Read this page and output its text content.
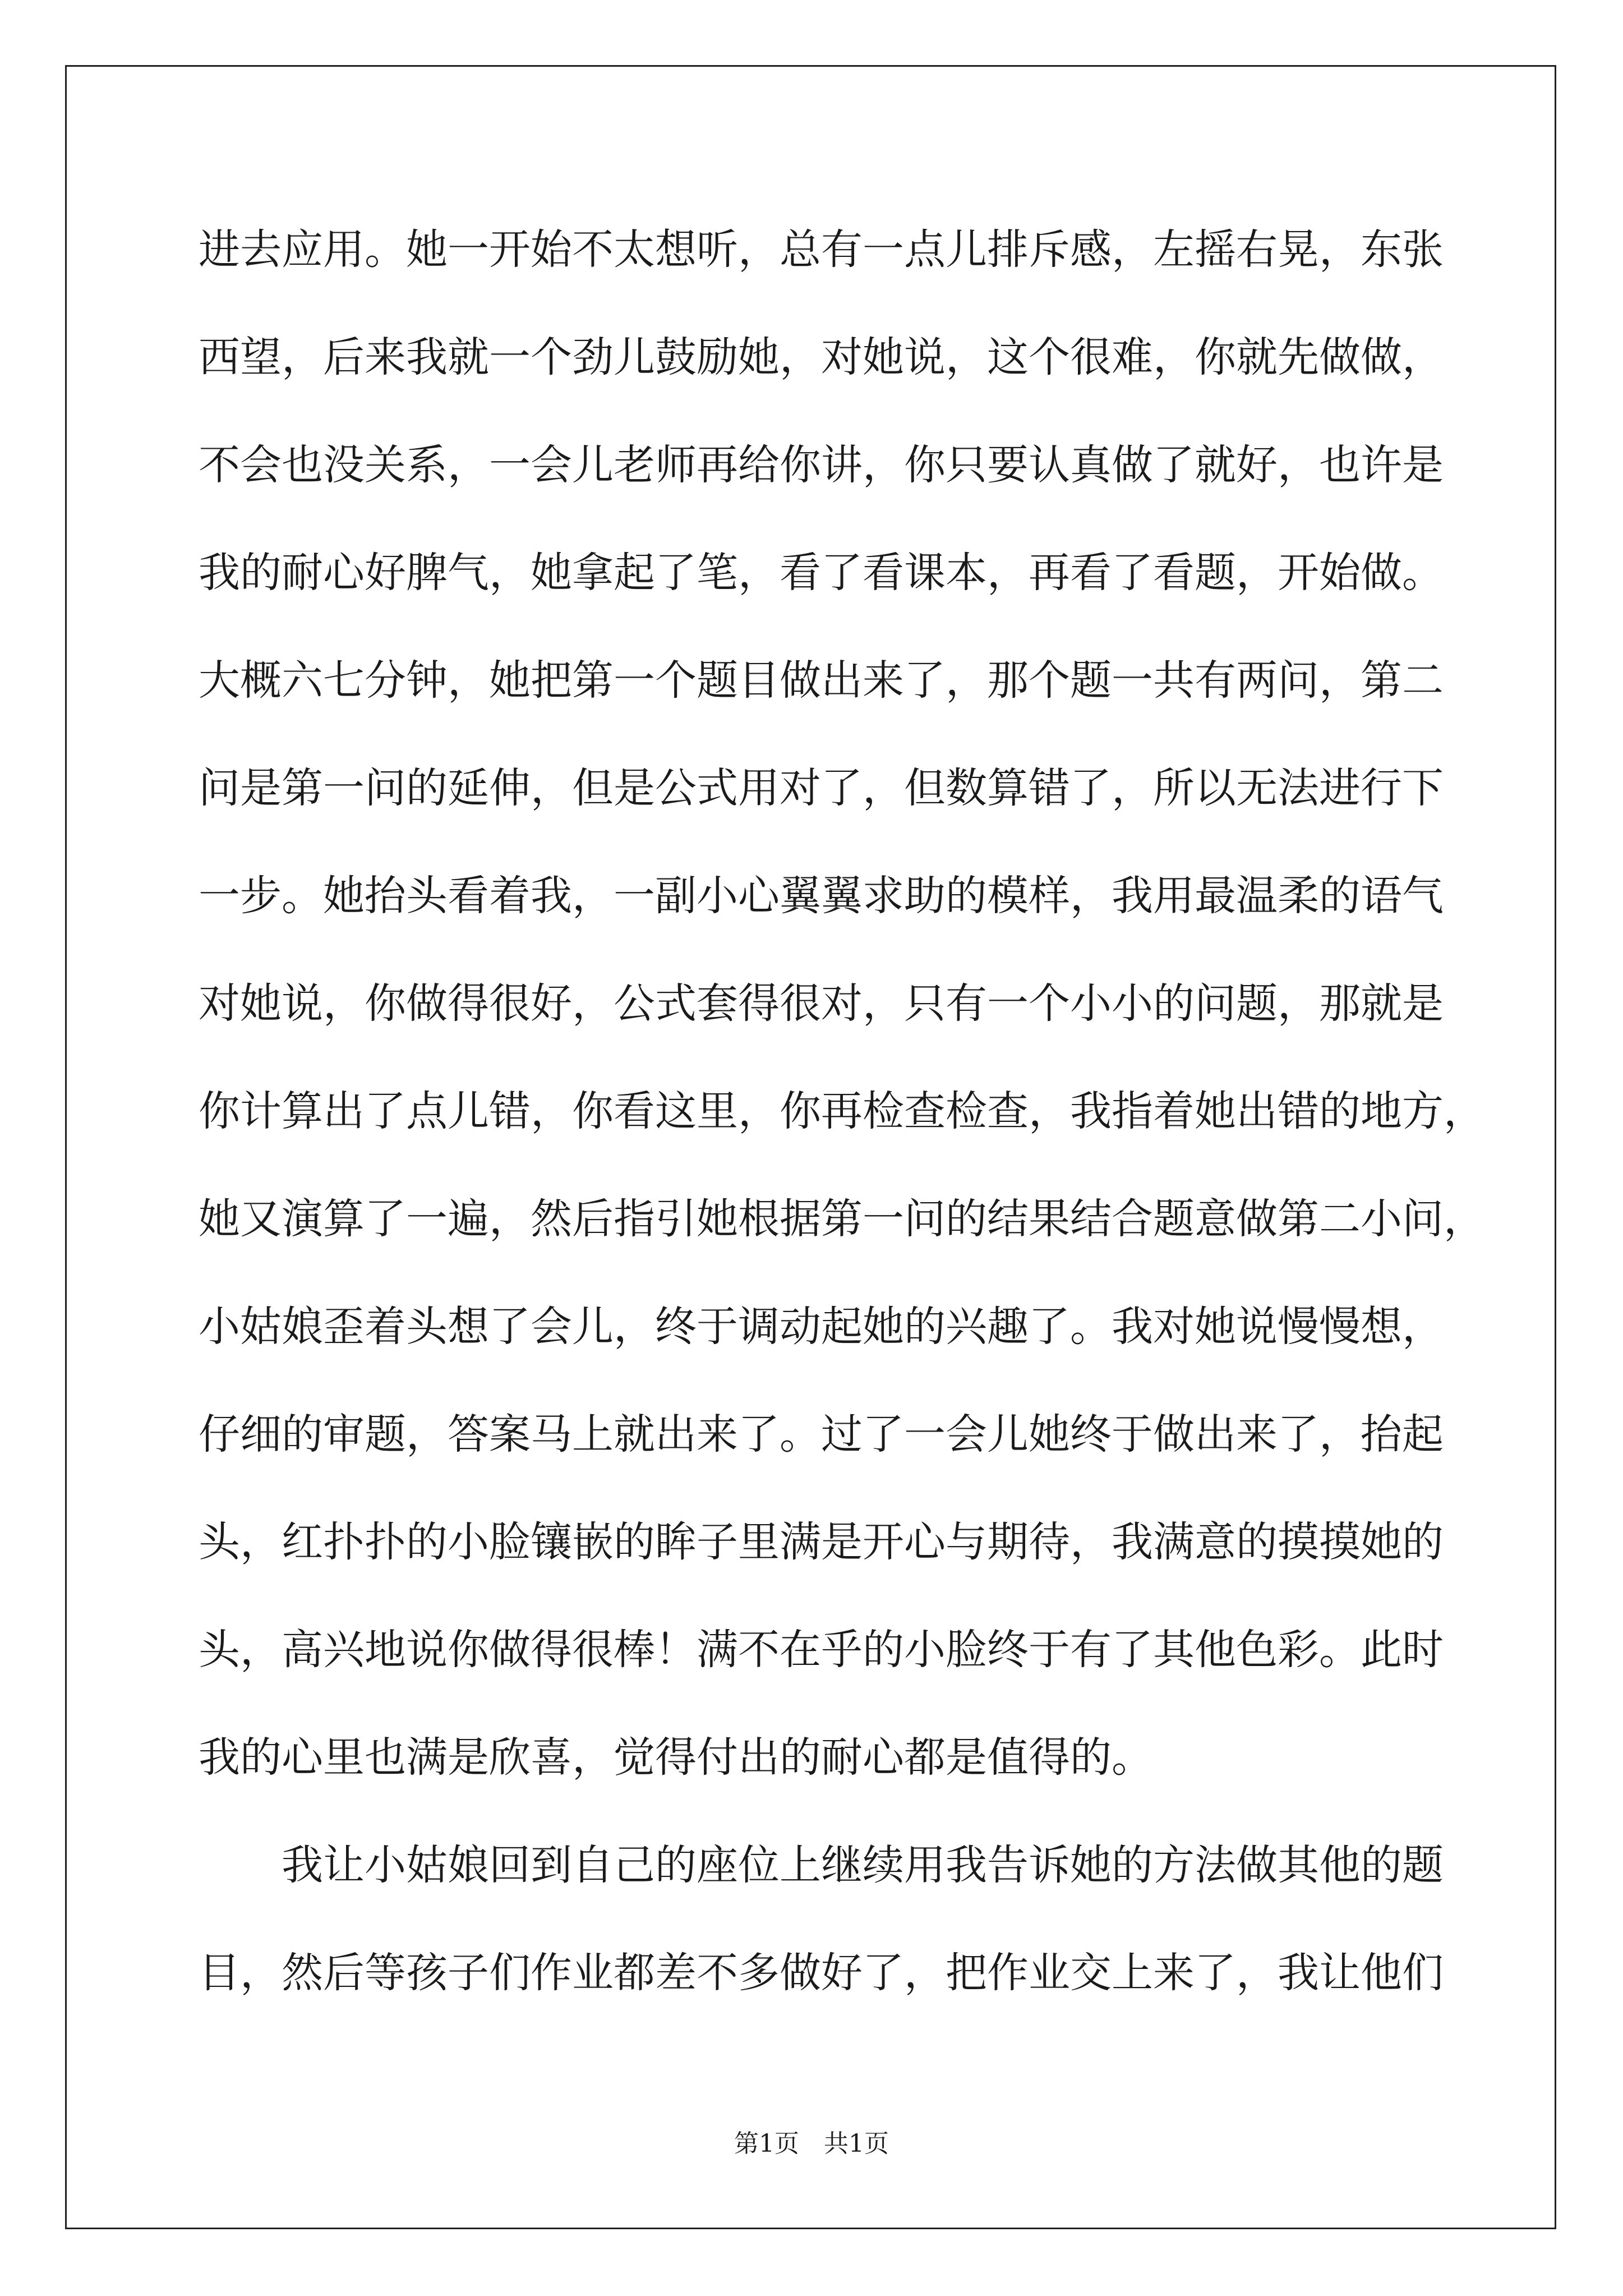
进去应用。她一开始不太想听，总有一点儿排斥感，左摇右晃，东张
西望，后来我就一个劲儿鼓励她，对她说，这个很难，你就先做做，
不会也没关系，一会儿老师再给你讲，你只要认真做了就好，也许是
我的耐心好脾气，她拿起了笔，看了看课本，再看了看题，开始做。
大概六七分钟，她把第一个题目做出来了，那个题一共有两问，第二
问是第一问的延伸，但是公式用对了，但数算错了，所以无法进行下
一步。她抬头看着我，一副小心翼翼求助的模样，我用最温柔的语气
对她说，你做得很好，公式套得很对，只有一个小小的问题，那就是
你计算出了点儿错，你看这里，你再检查检查，我指着她出错的地方，
她又演算了一遍，然后指引她根据第一问的结果结合题意做第二小问，
小姑娘歪着头想了会儿，终于调动起她的兴趣了。我对她说慢慢想，
仔细的审题，答案马上就出来了。过了一会儿她终于做出来了，抬起
头，红扑扑的小脸镶嵌的眸子里满是开心与期待，我满意的摸摸她的
头，高兴地说你做得很棒！满不在乎的小脸终于有了其他色彩。此时
我的心里也满是欣喜，觉得付出的耐心都是值得的。
　　我让小姑娘回到自己的座位上继续用我告诉她的方法做其他的题
目，然后等孩子们作业都差不多做好了，把作业交上来了，我让他们
第1页　共1页
